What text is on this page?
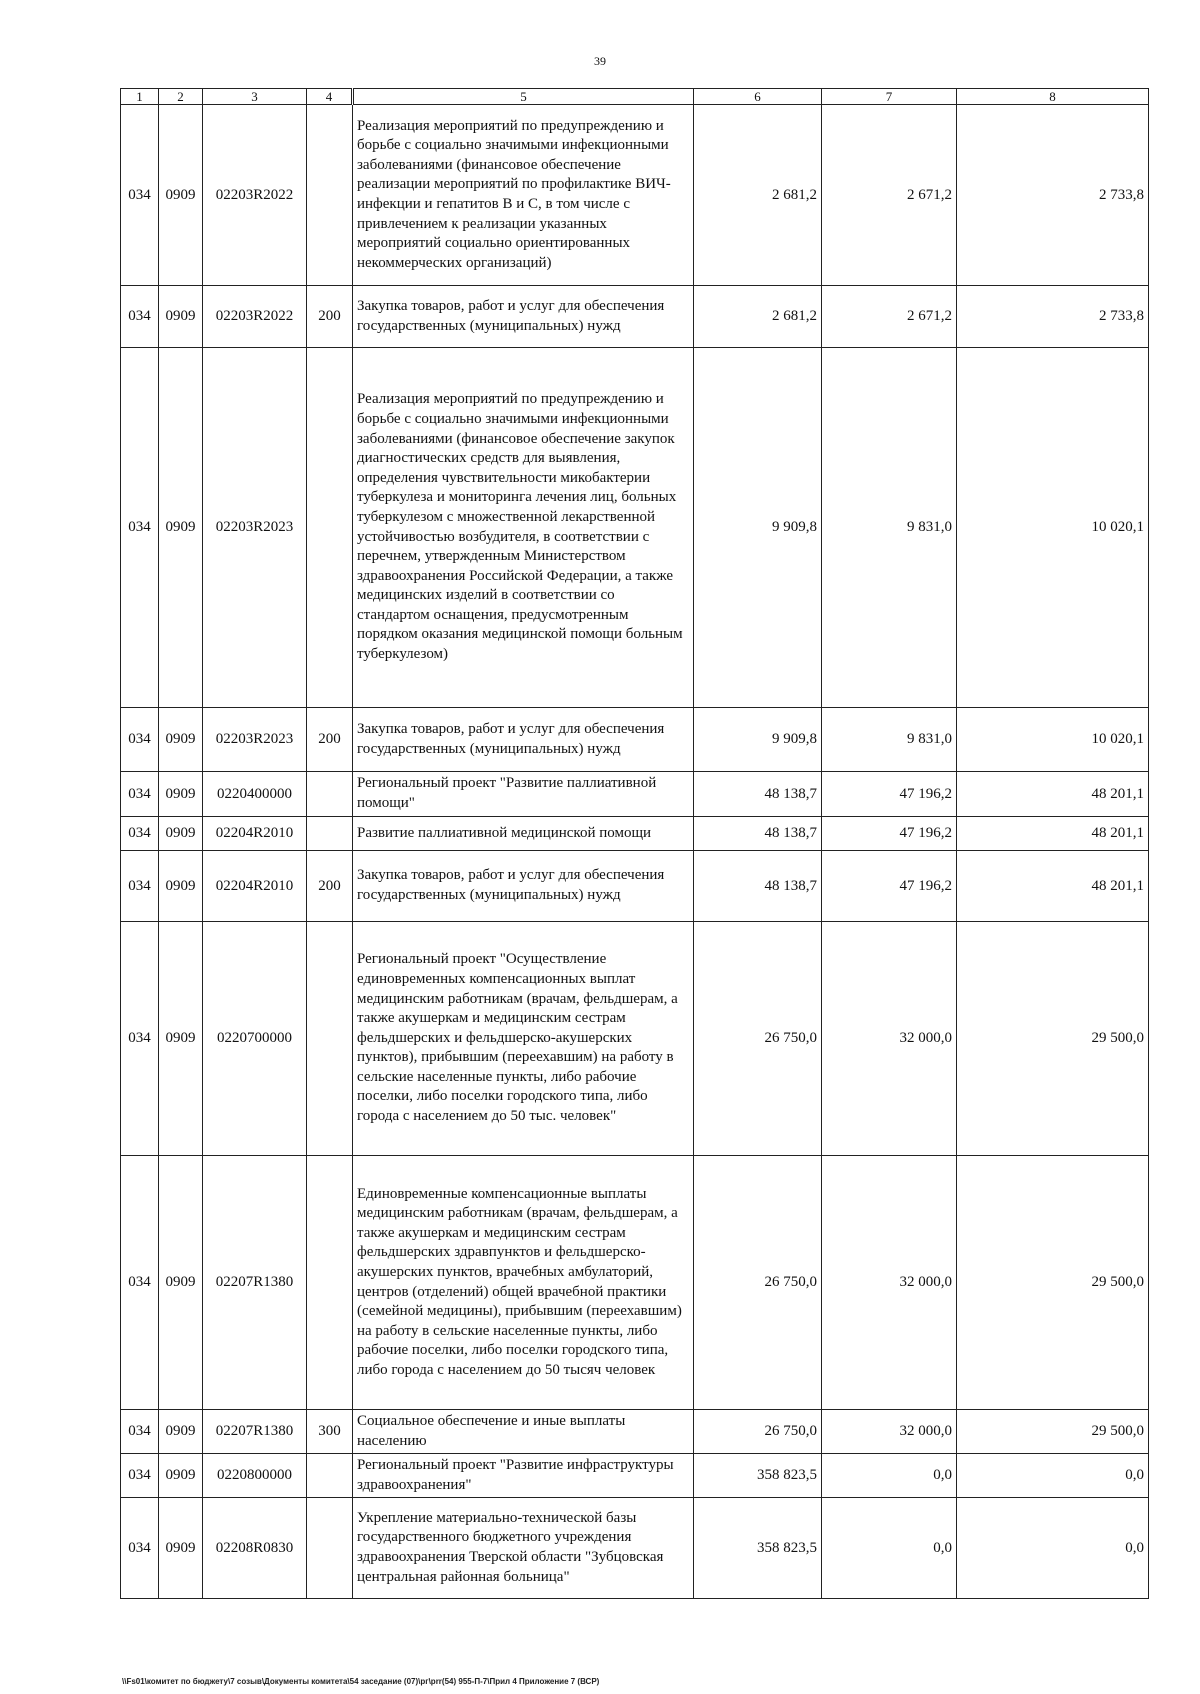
39
1	2	3	4	5	6	7	8
034	0909	02203R2022		Реализация мероприятий по предупреждению и борьбе с социально значимыми инфекционными заболеваниями (финансовое обеспечение реализации мероприятий по профилактике ВИЧ-инфекции и гепатитов В и С, в том числе с привлечением к реализации указанных мероприятий социально ориентированных некоммерческих организаций)	2 681,2	2 671,2	2 733,8
034	0909	02203R2022	200	Закупка товаров, работ и услуг для обеспечения государственных (муниципальных) нужд	2 681,2	2 671,2	2 733,8
034	0909	02203R2023		Реализация мероприятий по предупреждению и борьбе с социально значимыми инфекционными заболеваниями (финансовое обеспечение закупок диагностических средств для выявления, определения чувствительности микобактерии туберкулеза и мониторинга лечения лиц, больных туберкулезом с множественной лекарственной устойчивостью возбудителя, в соответствии с перечнем, утвержденным Министерством здравоохранения Российской Федерации, а также медицинских изделий в соответствии со стандартом оснащения, предусмотренным порядком оказания медицинской помощи больным туберкулезом)	9 909,8	9 831,0	10 020,1
034	0909	02203R2023	200	Закупка товаров, работ и услуг для обеспечения государственных (муниципальных) нужд	9 909,8	9 831,0	10 020,1
034	0909	0220400000		Региональный проект "Развитие паллиативной помощи"	48 138,7	47 196,2	48 201,1
034	0909	02204R2010		Развитие паллиативной медицинской помощи	48 138,7	47 196,2	48 201,1
034	0909	02204R2010	200	Закупка товаров, работ и услуг для обеспечения государственных (муниципальных) нужд	48 138,7	47 196,2	48 201,1
034	0909	0220700000		Региональный проект "Осуществление единовременных компенсационных выплат медицинским работникам (врачам, фельдшерам, а также акушеркам и медицинским сестрам фельдшерских и фельдшерско-акушерских пунктов), прибывшим (переехавшим) на работу в сельские населенные пункты, либо рабочие поселки, либо поселки городского типа, либо города с населением до 50 тыс. человек"	26 750,0	32 000,0	29 500,0
034	0909	02207R1380		Единовременные компенсационные выплаты медицинским работникам (врачам, фельдшерам, а также акушеркам и медицинским сестрам фельдшерских здравпунктов и фельдшерско-акушерских пунктов, врачебных амбулаторий, центров (отделений) общей врачебной практики (семейной медицины), прибывшим (переехавшим) на работу в сельские населенные пункты, либо рабочие поселки, либо поселки городского типа, либо города с населением до 50 тысяч человек	26 750,0	32 000,0	29 500,0
034	0909	02207R1380	300	Социальное обеспечение и иные выплаты населению	26 750,0	32 000,0	29 500,0
034	0909	0220800000		Региональный проект "Развитие инфраструктуры здравоохранения"	358 823,5	0,0	0,0
034	0909	02208R0830		Укрепление материально-технической базы государственного бюджетного учреждения здравоохранения Тверской области "Зубцовская центральная районная больница"	358 823,5	0,0	0,0
\\Fs01\комитет по бюджету\7 созыв\Документы комитета\54 заседание (07)\рг\prr(54) 955-П-7\Прил 4 Приложение 7 (ВСР)
